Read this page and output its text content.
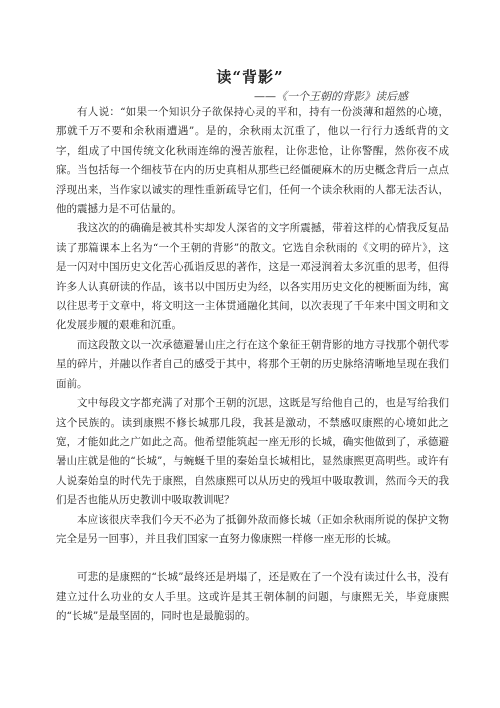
读“背影”

——《一个王朝的背影》读后感

有人说：“如果一个知识分子欲保持心灵的平和，持有一份淡薄和超然的心境，那就千万不要和余秋雨遭遇”。是的，余秋雨太沉重了，他以一行行力透纸背的文字，组成了中国传统文化秋雨连绵的漫苦旅程，让你悲怆，让你警醒，然你夜不成寐。当包括每一个细枝节在内的历史真相从那些已经僵硬麻木的历史概念背后一点点浮现出来，当作家以诚实的理性重新疏导它们，任何一个读余秋雨的人都无法否认，他的震撼力是不可估量的。

我这次的的确确是被其朴实却发人深省的文字所震撼，带着这样的心情我反复品读了那篇课本上名为“一个王朝的背影”的散文。它选自余秋雨的《文明的碎片》，这是一闪对中国历史文化苦心孤诣反思的著作，这是一邓浸润着太多沉重的思考，但得许多人认真研读的作品，该书以中国历史为经，以各实用历史文化的梗断面为纬，寓以往思考于文章中，将文明这一主体贯通融化其间，以次表现了千年来中国文明和文化发展步履的艰难和沉重。

而这段散文以一次承德避暑山庄之行在这个象征王朝背影的地方寻找那个朝代零星的碎片，并融以作者自己的感受于其中，将那个王朝的历史脉络清晰地呈现在我们面前。

文中每段文字都充满了对那个王朝的沉思，这既是写给他自己的，也是写给我们这个民族的。读到康熙不修长城那几段，我甚是激动，不禁感叹康熙的心境如此之宽，才能如此之广如此之高。他希望能筑起一座无形的长城，确实他做到了，承德避暑山庄就是他的“长城”，与蜿蜒千里的秦始皇长城相比，显然康熙更高明些。或许有人说秦始皇的时代先于康熙，自然康熙可以从历史的残垣中吸取教训，然而今天的我们是否也能从历史教训中吸取教训呢？

本应该很庆幸我们今天不必为了抵御外敌而修长城（正如余秋雨所说的保护文物完全是另一回事），并且我们国家一直努力像康熙一样修一座无形的长城。

可悲的是康熙的“长城”最终还是坍塌了，还是败在了一个没有读过什么书，没有建立过什么功业的女人手里。这或许是其王朝体制的问题，与康熙无关，毕竟康熙的“长城”是最坚固的，同时也是最脆弱的。
